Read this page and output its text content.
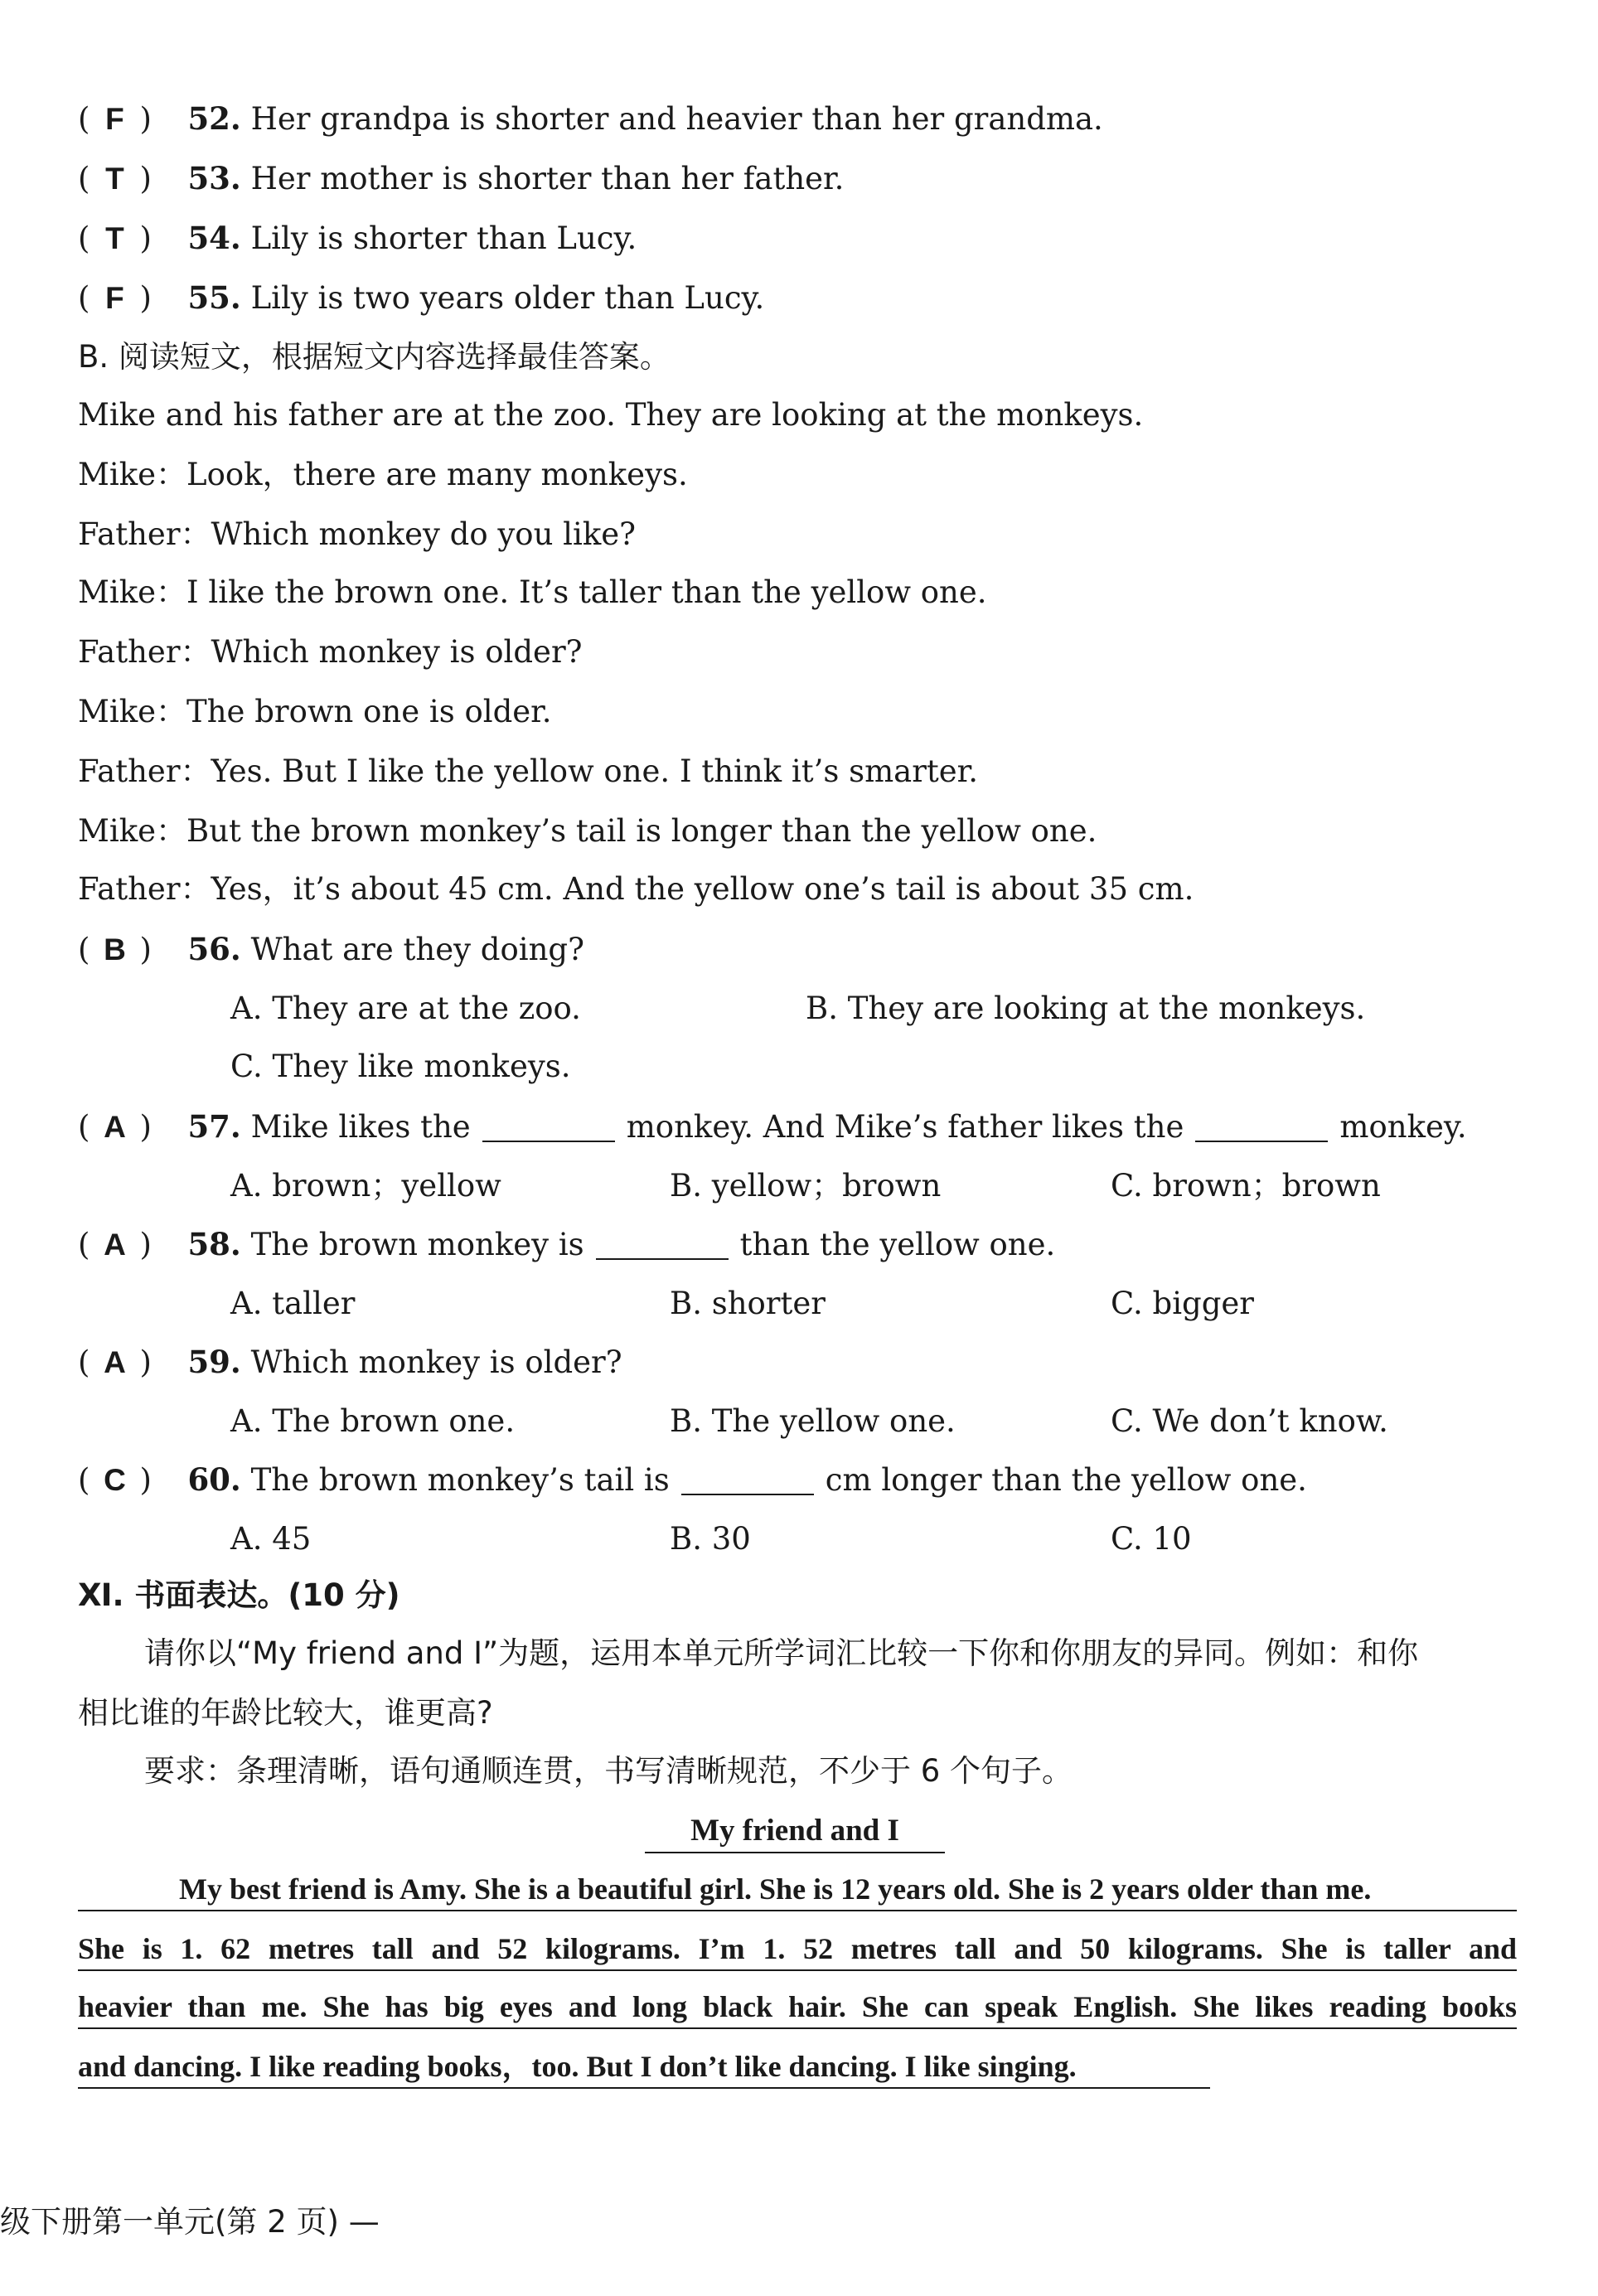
( F ) 52. Her grandpa is shorter and heavier than her grandma.
( T ) 53. Her mother is shorter than her father.
( T ) 54. Lily is shorter than Lucy.
( F ) 55. Lily is two years older than Lucy.
B. 阅读短文，根据短文内容选择最佳答案。
Mike and his father are at the zoo. They are looking at the monkeys.
Mike：Look，there are many monkeys.
Father：Which monkey do you like?
Mike：I like the brown one. It’s taller than the yellow one.
Father：Which monkey is older?
Mike：The brown one is older.
Father：Yes. But I like the yellow one. I think it’s smarter.
Mike：But the brown monkey’s tail is longer than the yellow one.
Father：Yes，it’s about 45 cm. And the yellow one’s tail is about 35 cm.
( B ) 56. What are they doing?
A. They are at the zoo.	B. They are looking at the monkeys.
C. They like monkeys.
( A ) 57. Mike likes the	monkey. And Mike’s father likes the	monkey.
A. brown；yellow	B. yellow；brown	C. brown；brown
( A ) 58. The brown monkey is	than the yellow one.
A. taller	B. shorter	C. bigger
( A ) 59. Which monkey is older?
A. The brown one.	B. The yellow one.	C. We don’t know.
( C ) 60. The brown monkey’s tail is	cm longer than the yellow one.
A. 45	B. 30	C. 10
Ⅺ. 书面表达。(10 分)
请你以“My friend and I”为题，运用本单元所学词汇比较一下你和你朋友的异同。例如：和你
相比谁的年龄比较大，谁更高?
要求：条理清晰，语句通顺连贯，书写清晰规范，不少于 6 个句子。
My friend and I
My best friend is Amy. She is a beautiful girl. She is 12 years old. She is 2 years older than me.
She is 1. 62 metres tall and 52 kilograms. I’m 1. 52 metres tall and 50 kilograms. She is taller and
heavier than me. She has big eyes and long black hair. She can speak English. She likes reading books
and dancing. I like reading books，too. But I don’t like dancing. I like singing.
级下册第一单元(第 2 页) —
